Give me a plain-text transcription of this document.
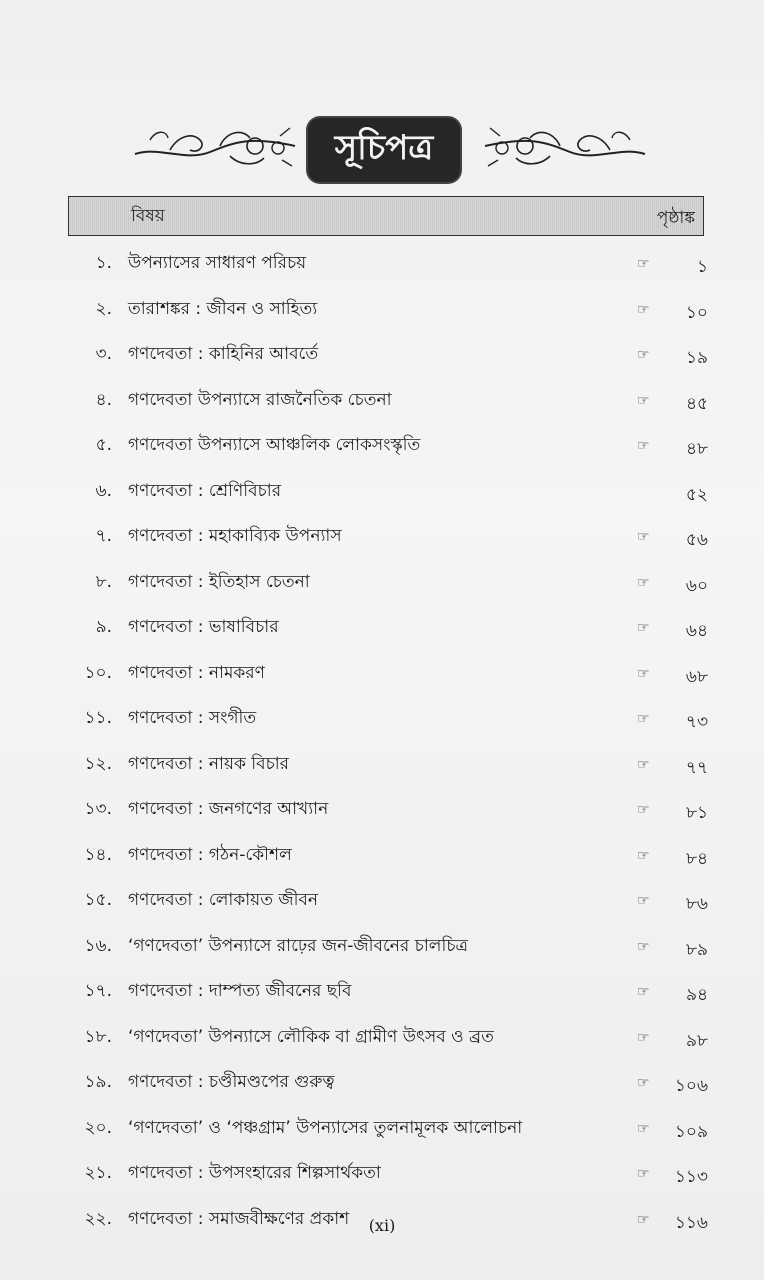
সূচিপত্র
বিষয়	পৃষ্ঠাঙ্ক
১. উপন্যাসের সাধারণ পরিচয়	☞	১
২. তারাশঙ্কর : জীবন ও সাহিত্য	☞ ১০
৩. গণদেবতা : কাহিনির আবর্তে	☞ ১৯
৪. গণদেবতা উপন্যাসে রাজনৈতিক চেতনা	☞ ৪৫
৫. গণদেবতা উপন্যাসে আঞ্চলিক লোকসংস্কৃতি	☞ ৪৮
৬. গণদেবতা : শ্রেণিবিচার	৫২
৭. গণদেবতা : মহাকাব্যিক উপন্যাস	☞ ৫৬
৮. গণদেবতা : ইতিহাস চেতনা	☞ ৬০
৯. গণদেবতা : ভাষাবিচার	☞ ৬৪
১০. গণদেবতা : নামকরণ	☞ ৬৮
১১. গণদেবতা : সংগীত	☞ ৭৩
১২. গণদেবতা : নায়ক বিচার	☞ ৭৭
১৩. গণদেবতা : জনগণের আখ্যান	☞ ৮১
১৪. গণদেবতা : গঠন-কৌশল	☞ ৮৪
১৫. গণদেবতা : লোকায়ত জীবন	☞ ৮৬
১৬. ‘গণদেবতা’ উপন্যাসে রাঢ়ের জন-জীবনের চালচিত্র	☞ ৮৯
১৭. গণদেবতা : দাম্পত্য জীবনের ছবি	☞ ৯৪
১৮. ‘গণদেবতা’ উপন্যাসে লৌকিক বা গ্রামীণ উৎসব ও ব্রত	☞ ৯৮
১৯. গণদেবতা : চণ্ডীমণ্ডপের গুরুত্ব	☞ ১০৬
২০. ‘গণদেবতা’ ও ‘পঞ্চগ্রাম’ উপন্যাসের তুলনামূলক আলোচনা	☞ ১০৯
২১. গণদেবতা : উপসংহারের শিল্পসার্থকতা	☞ ১১৩
২২. গণদেবতা : সমাজবীক্ষণের প্রকাশ	☞ ১১৬
(xi)
